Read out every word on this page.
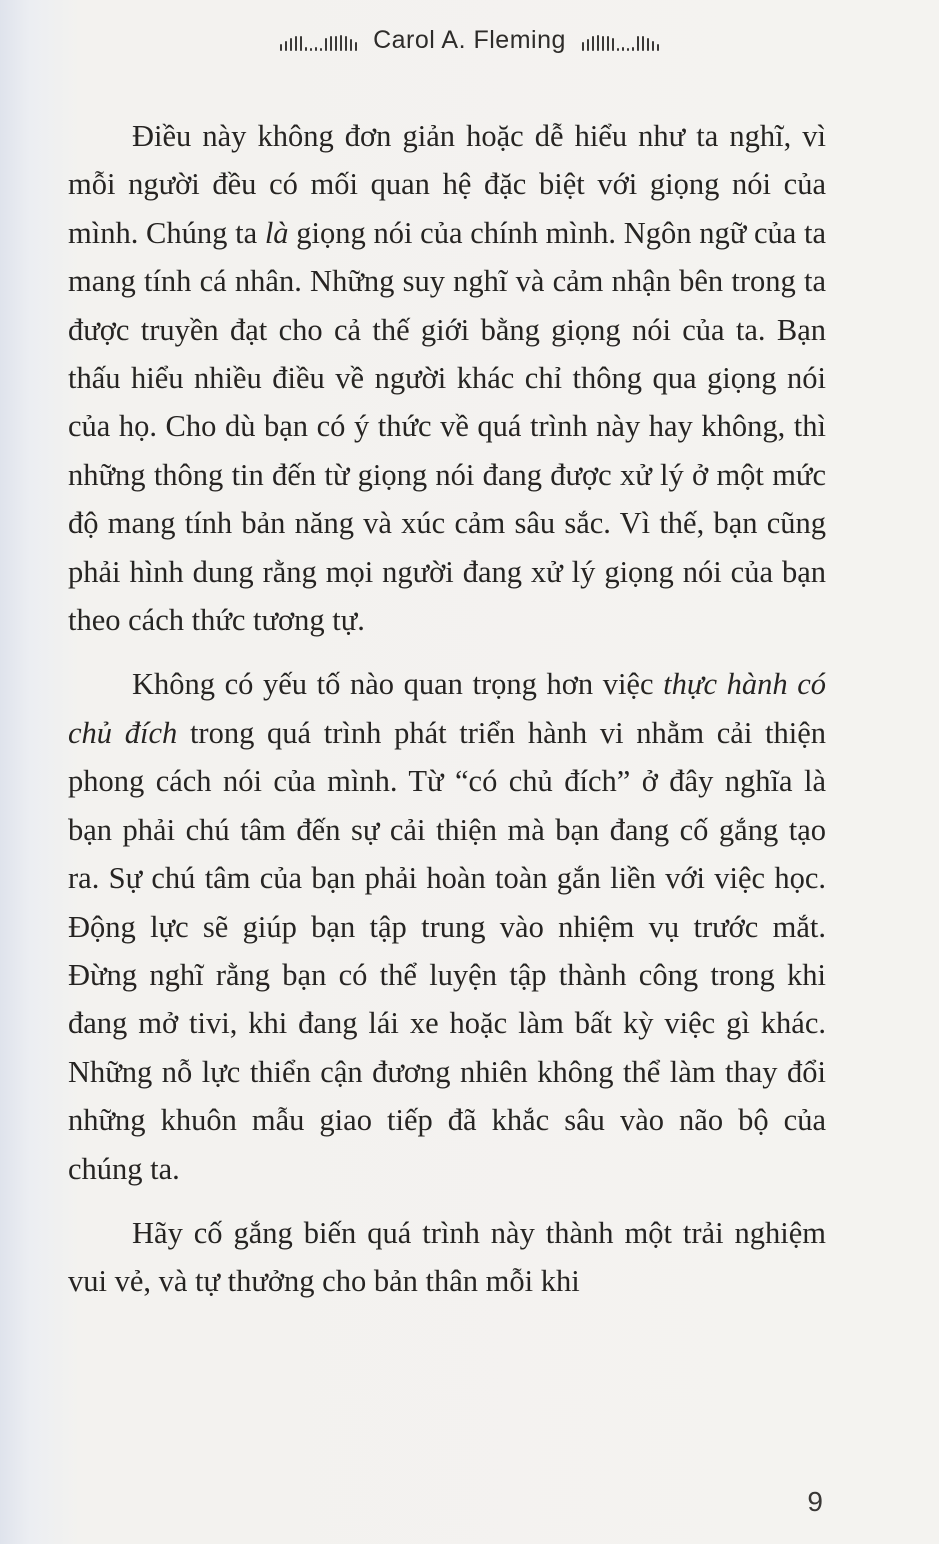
Carol A. Fleming

Điều này không đơn giản hoặc dễ hiểu như ta nghĩ, vì mỗi người đều có mối quan hệ đặc biệt với giọng nói của mình. Chúng ta là giọng nói của chính mình. Ngôn ngữ của ta mang tính cá nhân. Những suy nghĩ và cảm nhận bên trong ta được truyền đạt cho cả thế giới bằng giọng nói của ta. Bạn thấu hiểu nhiều điều về người khác chỉ thông qua giọng nói của họ. Cho dù bạn có ý thức về quá trình này hay không, thì những thông tin đến từ giọng nói đang được xử lý ở một mức độ mang tính bản năng và xúc cảm sâu sắc. Vì thế, bạn cũng phải hình dung rằng mọi người đang xử lý giọng nói của bạn theo cách thức tương tự.

Không có yếu tố nào quan trọng hơn việc thực hành có chủ đích trong quá trình phát triển hành vi nhằm cải thiện phong cách nói của mình. Từ “có chủ đích” ở đây nghĩa là bạn phải chú tâm đến sự cải thiện mà bạn đang cố gắng tạo ra. Sự chú tâm của bạn phải hoàn toàn gắn liền với việc học. Động lực sẽ giúp bạn tập trung vào nhiệm vụ trước mắt. Đừng nghĩ rằng bạn có thể luyện tập thành công trong khi đang mở tivi, khi đang lái xe hoặc làm bất kỳ việc gì khác. Những nỗ lực thiển cận đương nhiên không thể làm thay đổi những khuôn mẫu giao tiếp đã khắc sâu vào não bộ của chúng ta.

Hãy cố gắng biến quá trình này thành một trải nghiệm vui vẻ, và tự thưởng cho bản thân mỗi khi

9
